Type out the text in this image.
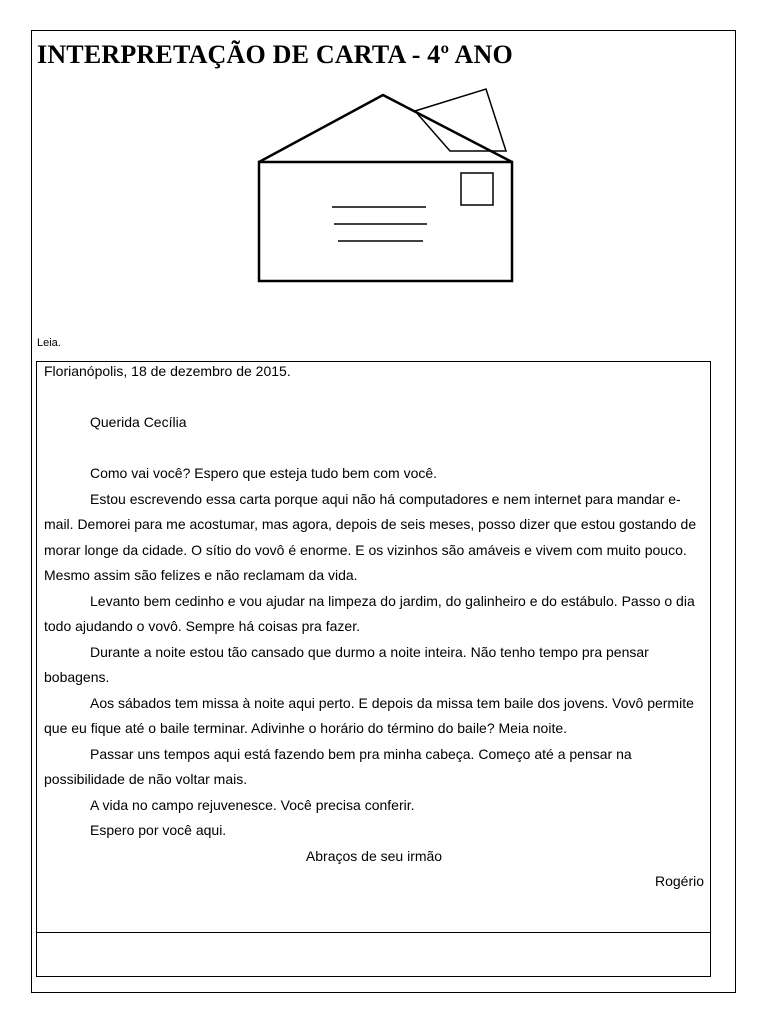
INTERPRETAÇÃO DE CARTA - 4º ANO
Leia.

Florianópolis, 18 de dezembro de 2015.

Querida Cecília

Como vai você? Espero que esteja tudo bem com você.

Estou escrevendo essa carta porque aqui não há computadores e nem internet para mandar e-mail. Demorei para me acostumar, mas agora, depois de seis meses, posso dizer que estou gostando de morar longe da cidade. O sítio do vovô é enorme. E os vizinhos são amáveis e vivem com muito pouco. Mesmo assim são felizes e não reclamam da vida.

Levanto bem cedinho e vou ajudar na limpeza do jardim, do galinheiro e do estábulo. Passo o dia todo ajudando o vovô. Sempre há coisas pra fazer.

Durante a noite estou tão cansado que durmo a noite inteira. Não tenho tempo pra pensar bobagens.

Aos sábados tem missa à noite aqui perto. E depois da missa tem baile dos jovens. Vovô permite que eu fique até o baile terminar. Adivinhe o horário do término do baile? Meia noite.

Passar uns tempos aqui está fazendo bem pra minha cabeça. Começo até a pensar na possibilidade de não voltar mais.

A vida no campo rejuvenesce. Você precisa conferir.

Espero por você aqui.

Abraços de seu irmão

Rogério
